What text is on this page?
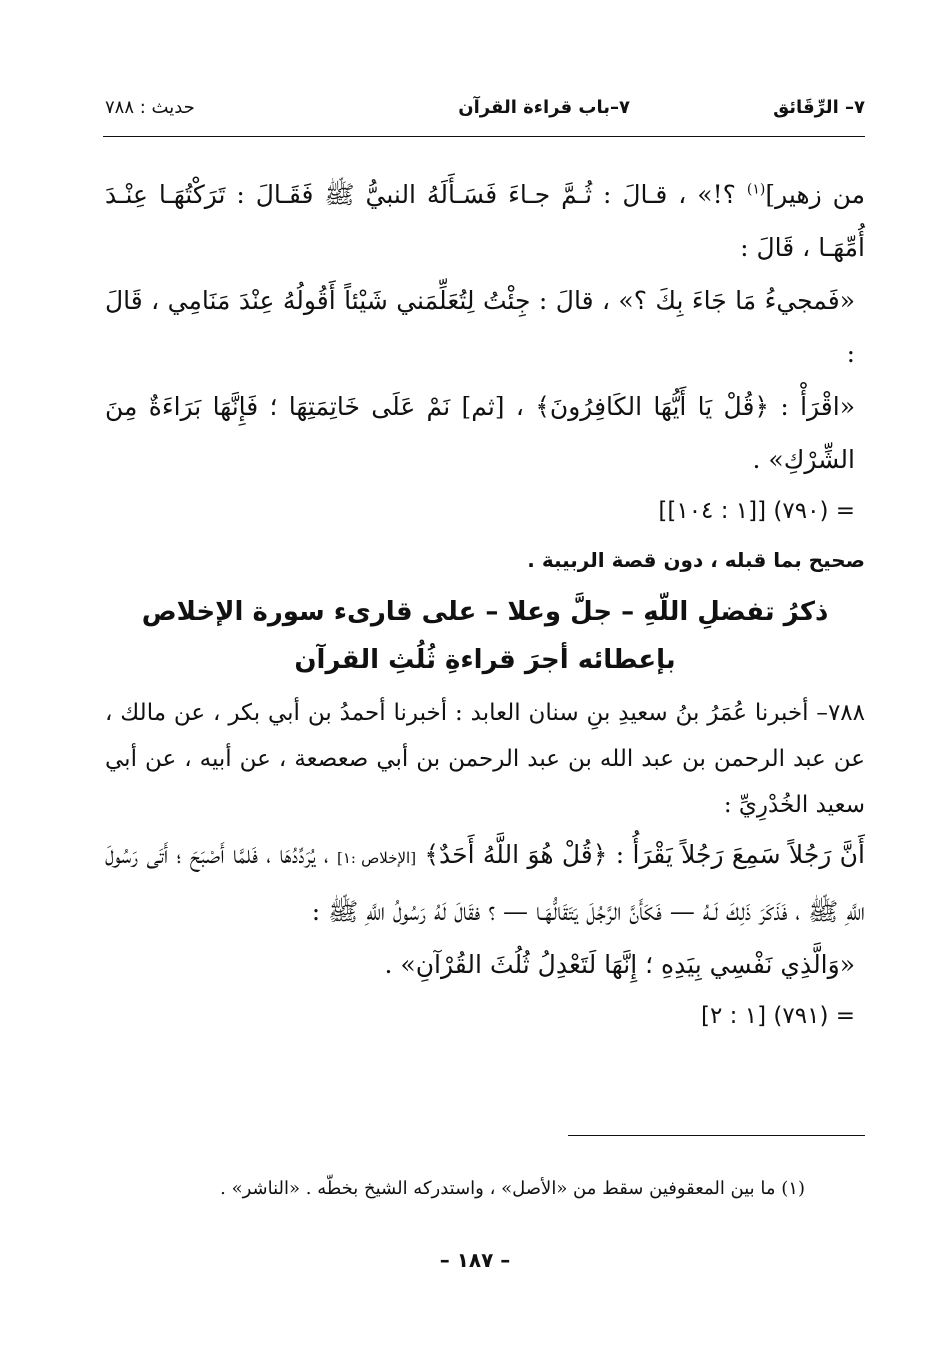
٧– الرِّقَائق
٧–باب قراءة القرآن
حديث : ٧٨٨

من زهير]$^{(١)}$ ؟!» ، قـالَ : ثُـمَّ جـاءَ فَسَـأَلَهُ النبيُّ ﷺ فَقَـالَ : تَرَكْتُهَـا عِنْـدَ أُمِّهَـا ، قَالَ :

«فَمجيءُ مَا جَاءَ بِكَ ؟» ، قالَ : جِئْتُ لِتُعَلِّمَني شَيْئاً أَقُولُهُ عِنْدَ مَنَامِي ، قَالَ :

«اقْرَأْ : ﴿قُلْ يَا أَيُّهَا الكَافِرُونَ﴾ ، [ثم] نَمْ عَلَى خَاتِمَتِهَا ؛ فَإِنَّهَا بَرَاءَةٌ مِنَ الشِّرْكِ» .

= (٧٩٠) [[١ : ١٠٤]]

صحيح بما قبله ، دون قصة الربيبة .

ذكرُ تفضلِ اللّهِ – جلَّ وعلا – على قارىء سورة الإخلاص

بإعطائه أجرَ قراءةِ ثُلُثِ القرآن

٧٨٨– أخبرنا عُمَرُ بنُ سعيدِ بنِ سنان العابد : أخبرنا أحمدُ بن أبي بكر ، عن مالك ، عن عبد الرحمن بن عبد الله بن عبد الرحمن بن أبي صعصعة ، عن أبيه ، عن أبي سعيد الخُدْرِيِّ :

أَنَّ رَجُلاً سَمِعَ رَجُلاً يَقْرَأُ : ﴿قُلْ هُوَ اللَّهُ أَحَدٌ﴾ [الإخلاص :١] ، يُرَدِّدُهَا ، فَلمَّا أَصْبَحَ ؛ أَتَى رَسُولَ اللَّهِ ﷺ ، فَذَكَرَ ذَلِكَ لَـهُ — فَكَأَنَّ الرَّجُلَ يَتَقَالُّهَـا — ؟ فقَالَ لَهُ رَسُولُ اللَّهِ ﷺ :

«وَالَّذِي نَفْسِي بِيَدِهِ ؛ إِنَّهَا لَتَعْدِلُ ثُلُثَ القُرْآنِ» .

= (٧٩١) [١ : ٢]

(١) ما بين المعقوفين سقط من «الأصل» ، واستدركه الشيخ بخطّه . «الناشر» .
– ١٨٧ –
